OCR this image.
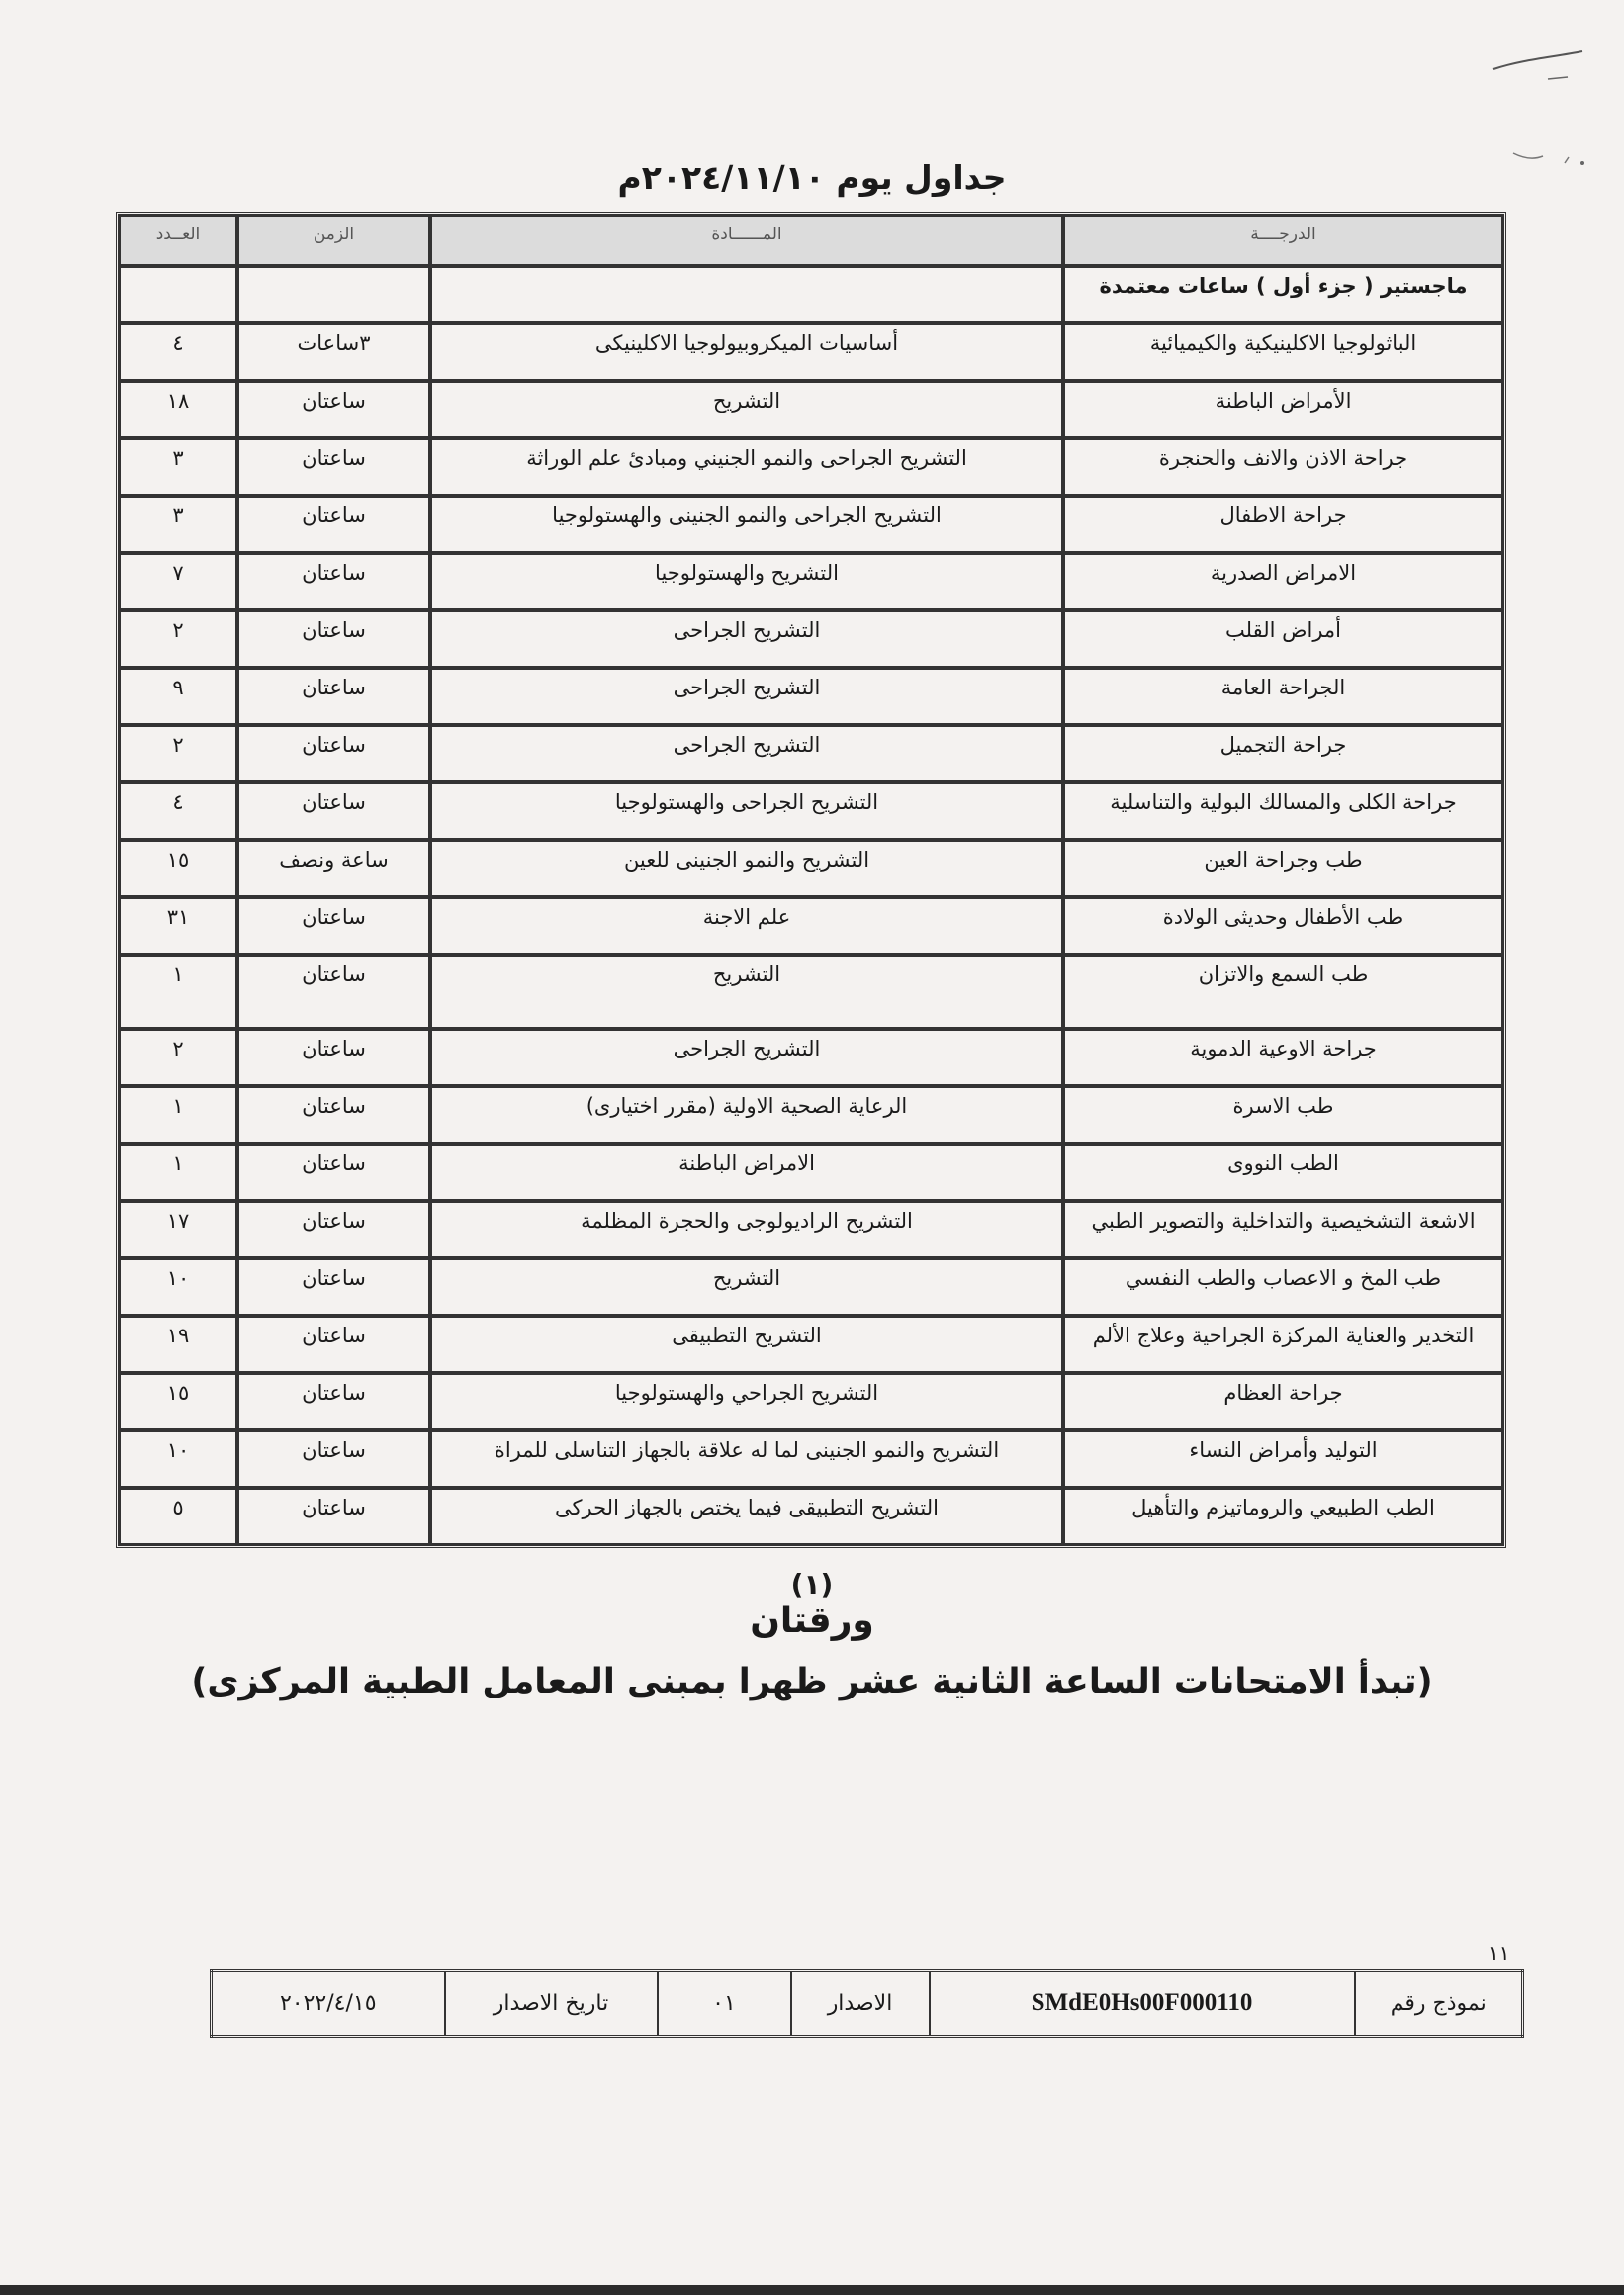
جداول يوم ٢٠٢٤/١١/١٠م
الدرجــــة	المــــــادة	الزمن	العــدد
ماجستير ( جزء أول ) ساعات معتمدة			
الباثولوجيا الاكلينيكية والكيميائية	أساسيات الميكروبيولوجيا الاكلينيكى	٣ساعات	٤
الأمراض الباطنة	التشريح	ساعتان	١٨
جراحة الاذن والانف والحنجرة	التشريح الجراحى والنمو الجنيني ومبادئ علم الوراثة	ساعتان	٣
جراحة الاطفال	التشريح الجراحى والنمو الجنينى والهستولوجيا	ساعتان	٣
الامراض الصدرية	التشريح والهستولوجيا	ساعتان	٧
أمراض القلب	التشريح الجراحى	ساعتان	٢
الجراحة العامة	التشريح الجراحى	ساعتان	٩
جراحة التجميل	التشريح الجراحى	ساعتان	٢
جراحة الكلى والمسالك البولية والتناسلية	التشريح الجراحى والهستولوجيا	ساعتان	٤
طب وجراحة العين	التشريح والنمو الجنينى للعين	ساعة ونصف	١٥
طب الأطفال وحديثى الولادة	علم الاجنة	ساعتان	٣١
طب السمع والاتزان	التشريح	ساعتان	١
جراحة الاوعية الدموية	التشريح الجراحى	ساعتان	٢
طب الاسرة	الرعاية الصحية الاولية (مقرر اختيارى)	ساعتان	١
الطب النووى	الامراض الباطنة	ساعتان	١
الاشعة التشخيصية والتداخلية والتصوير الطبي	التشريح الراديولوجى والحجرة المظلمة	ساعتان	١٧
طب المخ و الاعصاب والطب النفسي	التشريح	ساعتان	١٠
التخدير والعناية المركزة الجراحية وعلاج الألم	التشريح التطبيقى	ساعتان	١٩
جراحة العظام	التشريح الجراحي والهستولوجيا	ساعتان	١٥
التوليد وأمراض النساء	التشريح والنمو الجنينى لما له علاقة بالجهاز التناسلى للمراة	ساعتان	١٠
الطب الطبيعي والروماتيزم والتأهيل	التشريح التطبيقى فيما يختص بالجهاز الحركى	ساعتان	٥
(١)
ورقتان
(تبدأ الامتحانات الساعة الثانية عشر ظهرا بمبنى المعامل الطبية المركزى)
١١
نموذج رقم	SMdE0Hs00F000110	الاصدار	٠١	تاريخ الاصدار	٢٠٢٢/٤/١٥
